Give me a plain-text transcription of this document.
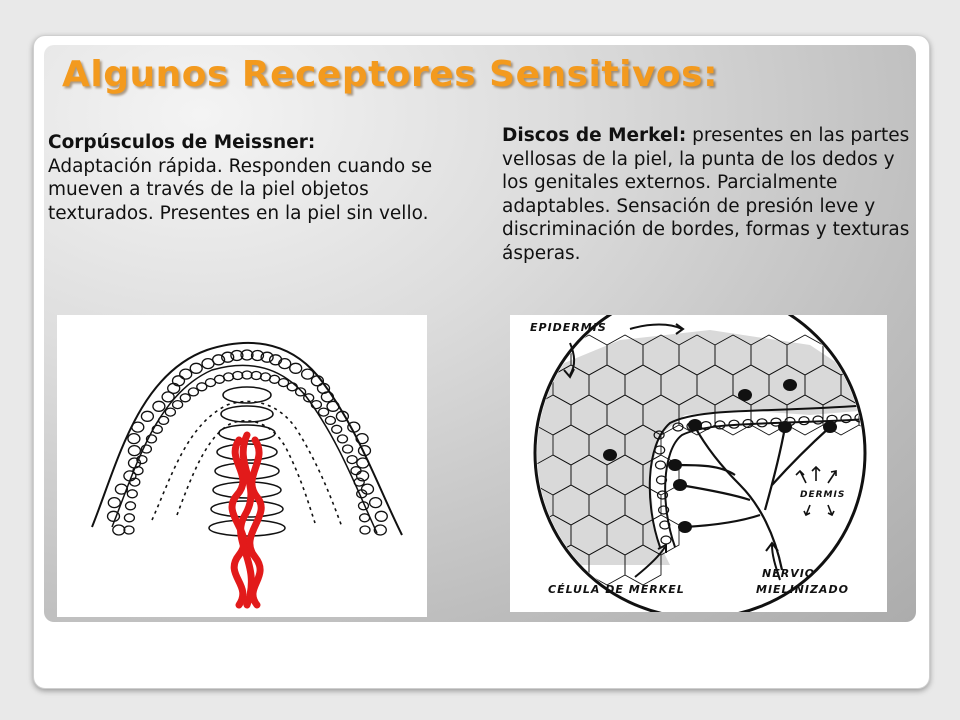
Algunos Receptores Sensitivos:
Corpúsculos de Meissner:
Adaptación rápida. Responden cuando se mueven a través de la piel objetos texturados. Presentes en la piel sin vello.
Discos de Merkel: presentes en las partes vellosas de la piel, la punta de los dedos y los genitales externos. Parcialmente adaptables. Sensación de presión leve y discriminación de bordes, formas y texturas ásperas.
EPIDERMIS
DERMIS
CÉLULA DE MERKEL
NERVIO
MIELINIZADO
